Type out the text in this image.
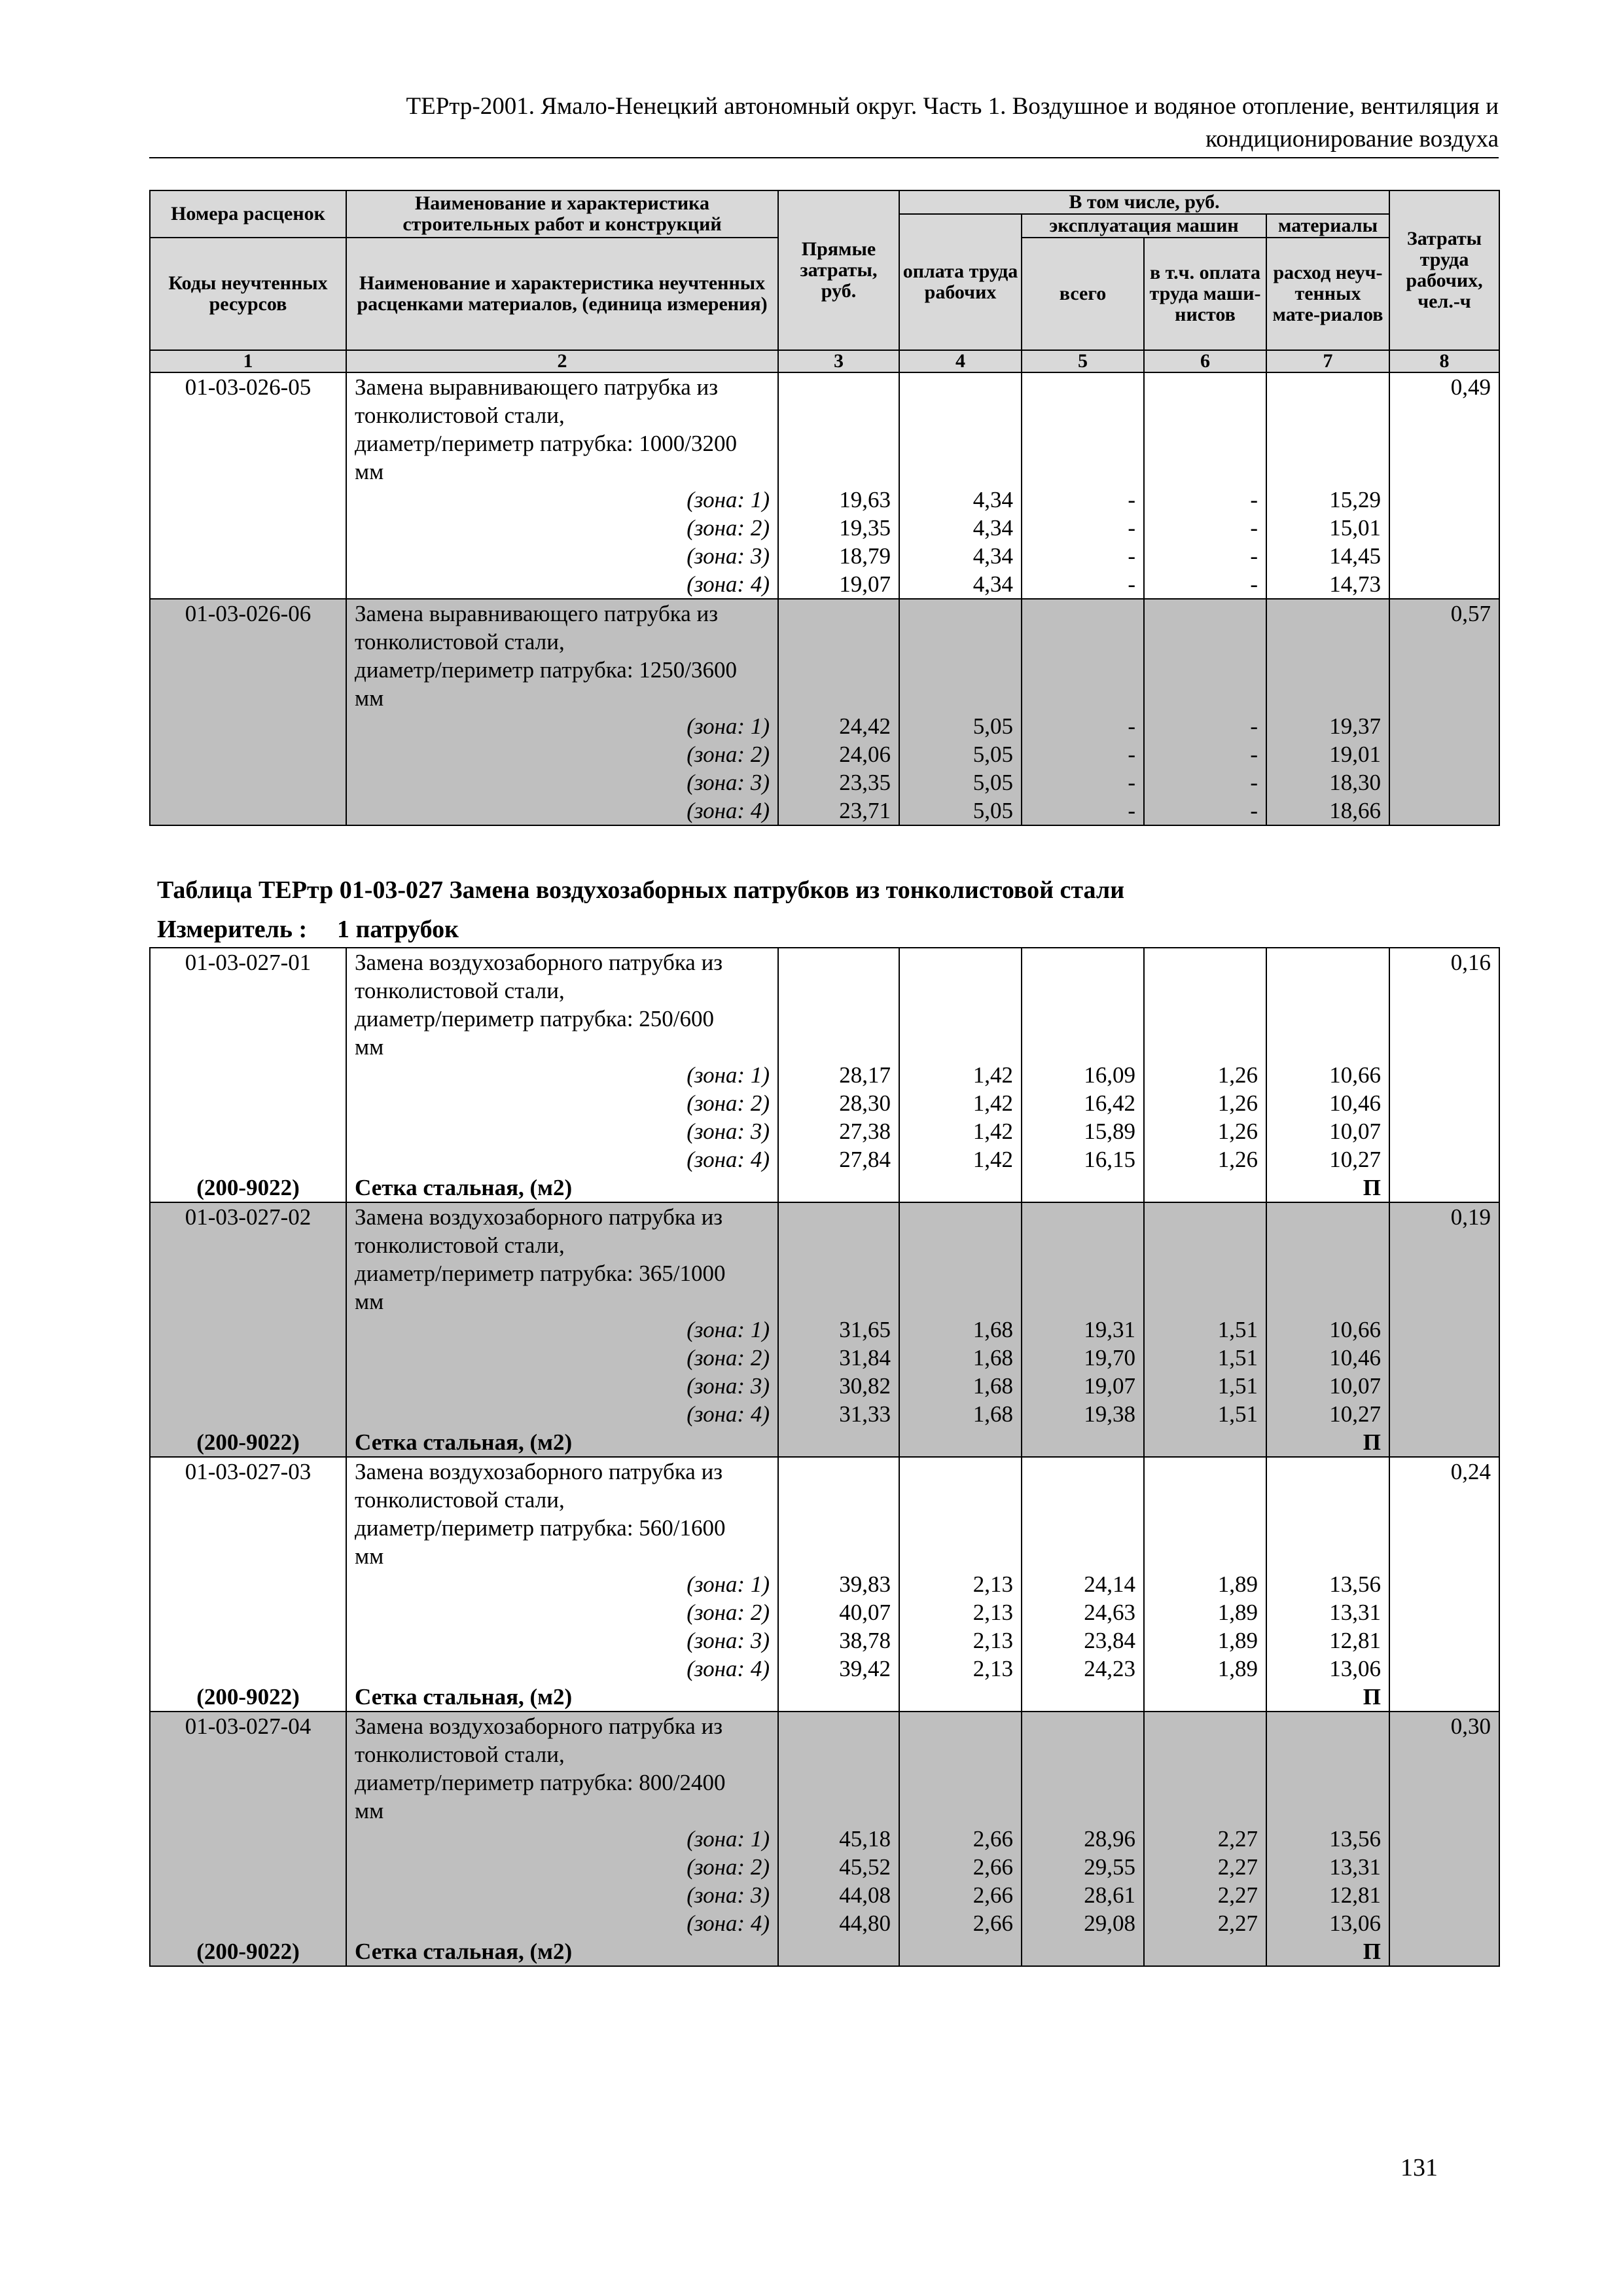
ТЕРтр-2001. Ямало-Ненецкий автономный округ. Часть 1. Воздушное и водяное отопление, вентиляция и
кондиционирование воздуха
Номера расценок	Наименование и характеристика строительных работ и конструкций	Прямые затраты, руб.	В том числе, руб.				Затраты труда рабочих, чел.-ч
			оплата труда рабочих	эксплуатация машин		материалы	
Коды неучтенных ресурсов	Наименование и характеристика неучтенных расценками материалов, (единица измерения)			всего	в т.ч. оплата труда маши-нистов	расход неуч-тенных мате-риалов	

1	2	3	4	5	6	7	8
01-03-026-05	Замена выравнивающего патрубка из						0,49
	тонколистовой стали,						
	диаметр/периметр патрубка: 1000/3200						
	мм						
	(зона: 1)	19,63	4,34	-	-	15,29	
	(зона: 2)	19,35	4,34	-	-	15,01	
	(зона: 3)	18,79	4,34	-	-	14,45	
	(зона: 4)	19,07	4,34	-	-	14,73	
01-03-026-06	Замена выравнивающего патрубка из						0,57
	тонколистовой стали,						
	диаметр/периметр патрубка: 1250/3600						
	мм						
	(зона: 1)	24,42	5,05	-	-	19,37	
	(зона: 2)	24,06	5,05	-	-	19,01	
	(зона: 3)	23,35	5,05	-	-	18,30	
	(зона: 4)	23,71	5,05	-	-	18,66	
Таблица ТЕРтр 01-03-027 Замена воздухозаборных патрубков из тонколистовой стали
Измеритель : 1 патрубок
01-03-027-01	Замена воздухозаборного патрубка из						0,16
	тонколистовой стали,						
	диаметр/периметр патрубка: 250/600						
	мм						
	(зона: 1)	28,17	1,42	16,09	1,26	10,66	
	(зона: 2)	28,30	1,42	16,42	1,26	10,46	
	(зона: 3)	27,38	1,42	15,89	1,26	10,07	
	(зона: 4)	27,84	1,42	16,15	1,26	10,27	
(200-9022)	Сетка стальная, (м2)					П	
01-03-027-02	Замена воздухозаборного патрубка из						0,19
	тонколистовой стали,						
	диаметр/периметр патрубка: 365/1000						
	мм						
	(зона: 1)	31,65	1,68	19,31	1,51	10,66	
	(зона: 2)	31,84	1,68	19,70	1,51	10,46	
	(зона: 3)	30,82	1,68	19,07	1,51	10,07	
	(зона: 4)	31,33	1,68	19,38	1,51	10,27	
(200-9022)	Сетка стальная, (м2)					П	
01-03-027-03	Замена воздухозаборного патрубка из						0,24
	тонколистовой стали,						
	диаметр/периметр патрубка: 560/1600						
	мм						
	(зона: 1)	39,83	2,13	24,14	1,89	13,56	
	(зона: 2)	40,07	2,13	24,63	1,89	13,31	
	(зона: 3)	38,78	2,13	23,84	1,89	12,81	
	(зона: 4)	39,42	2,13	24,23	1,89	13,06	
(200-9022)	Сетка стальная, (м2)					П	
01-03-027-04	Замена воздухозаборного патрубка из						0,30
	тонколистовой стали,						
	диаметр/периметр патрубка: 800/2400						
	мм						
	(зона: 1)	45,18	2,66	28,96	2,27	13,56	
	(зона: 2)	45,52	2,66	29,55	2,27	13,31	
	(зона: 3)	44,08	2,66	28,61	2,27	12,81	
	(зона: 4)	44,80	2,66	29,08	2,27	13,06	
(200-9022)	Сетка стальная, (м2)					П	
131
